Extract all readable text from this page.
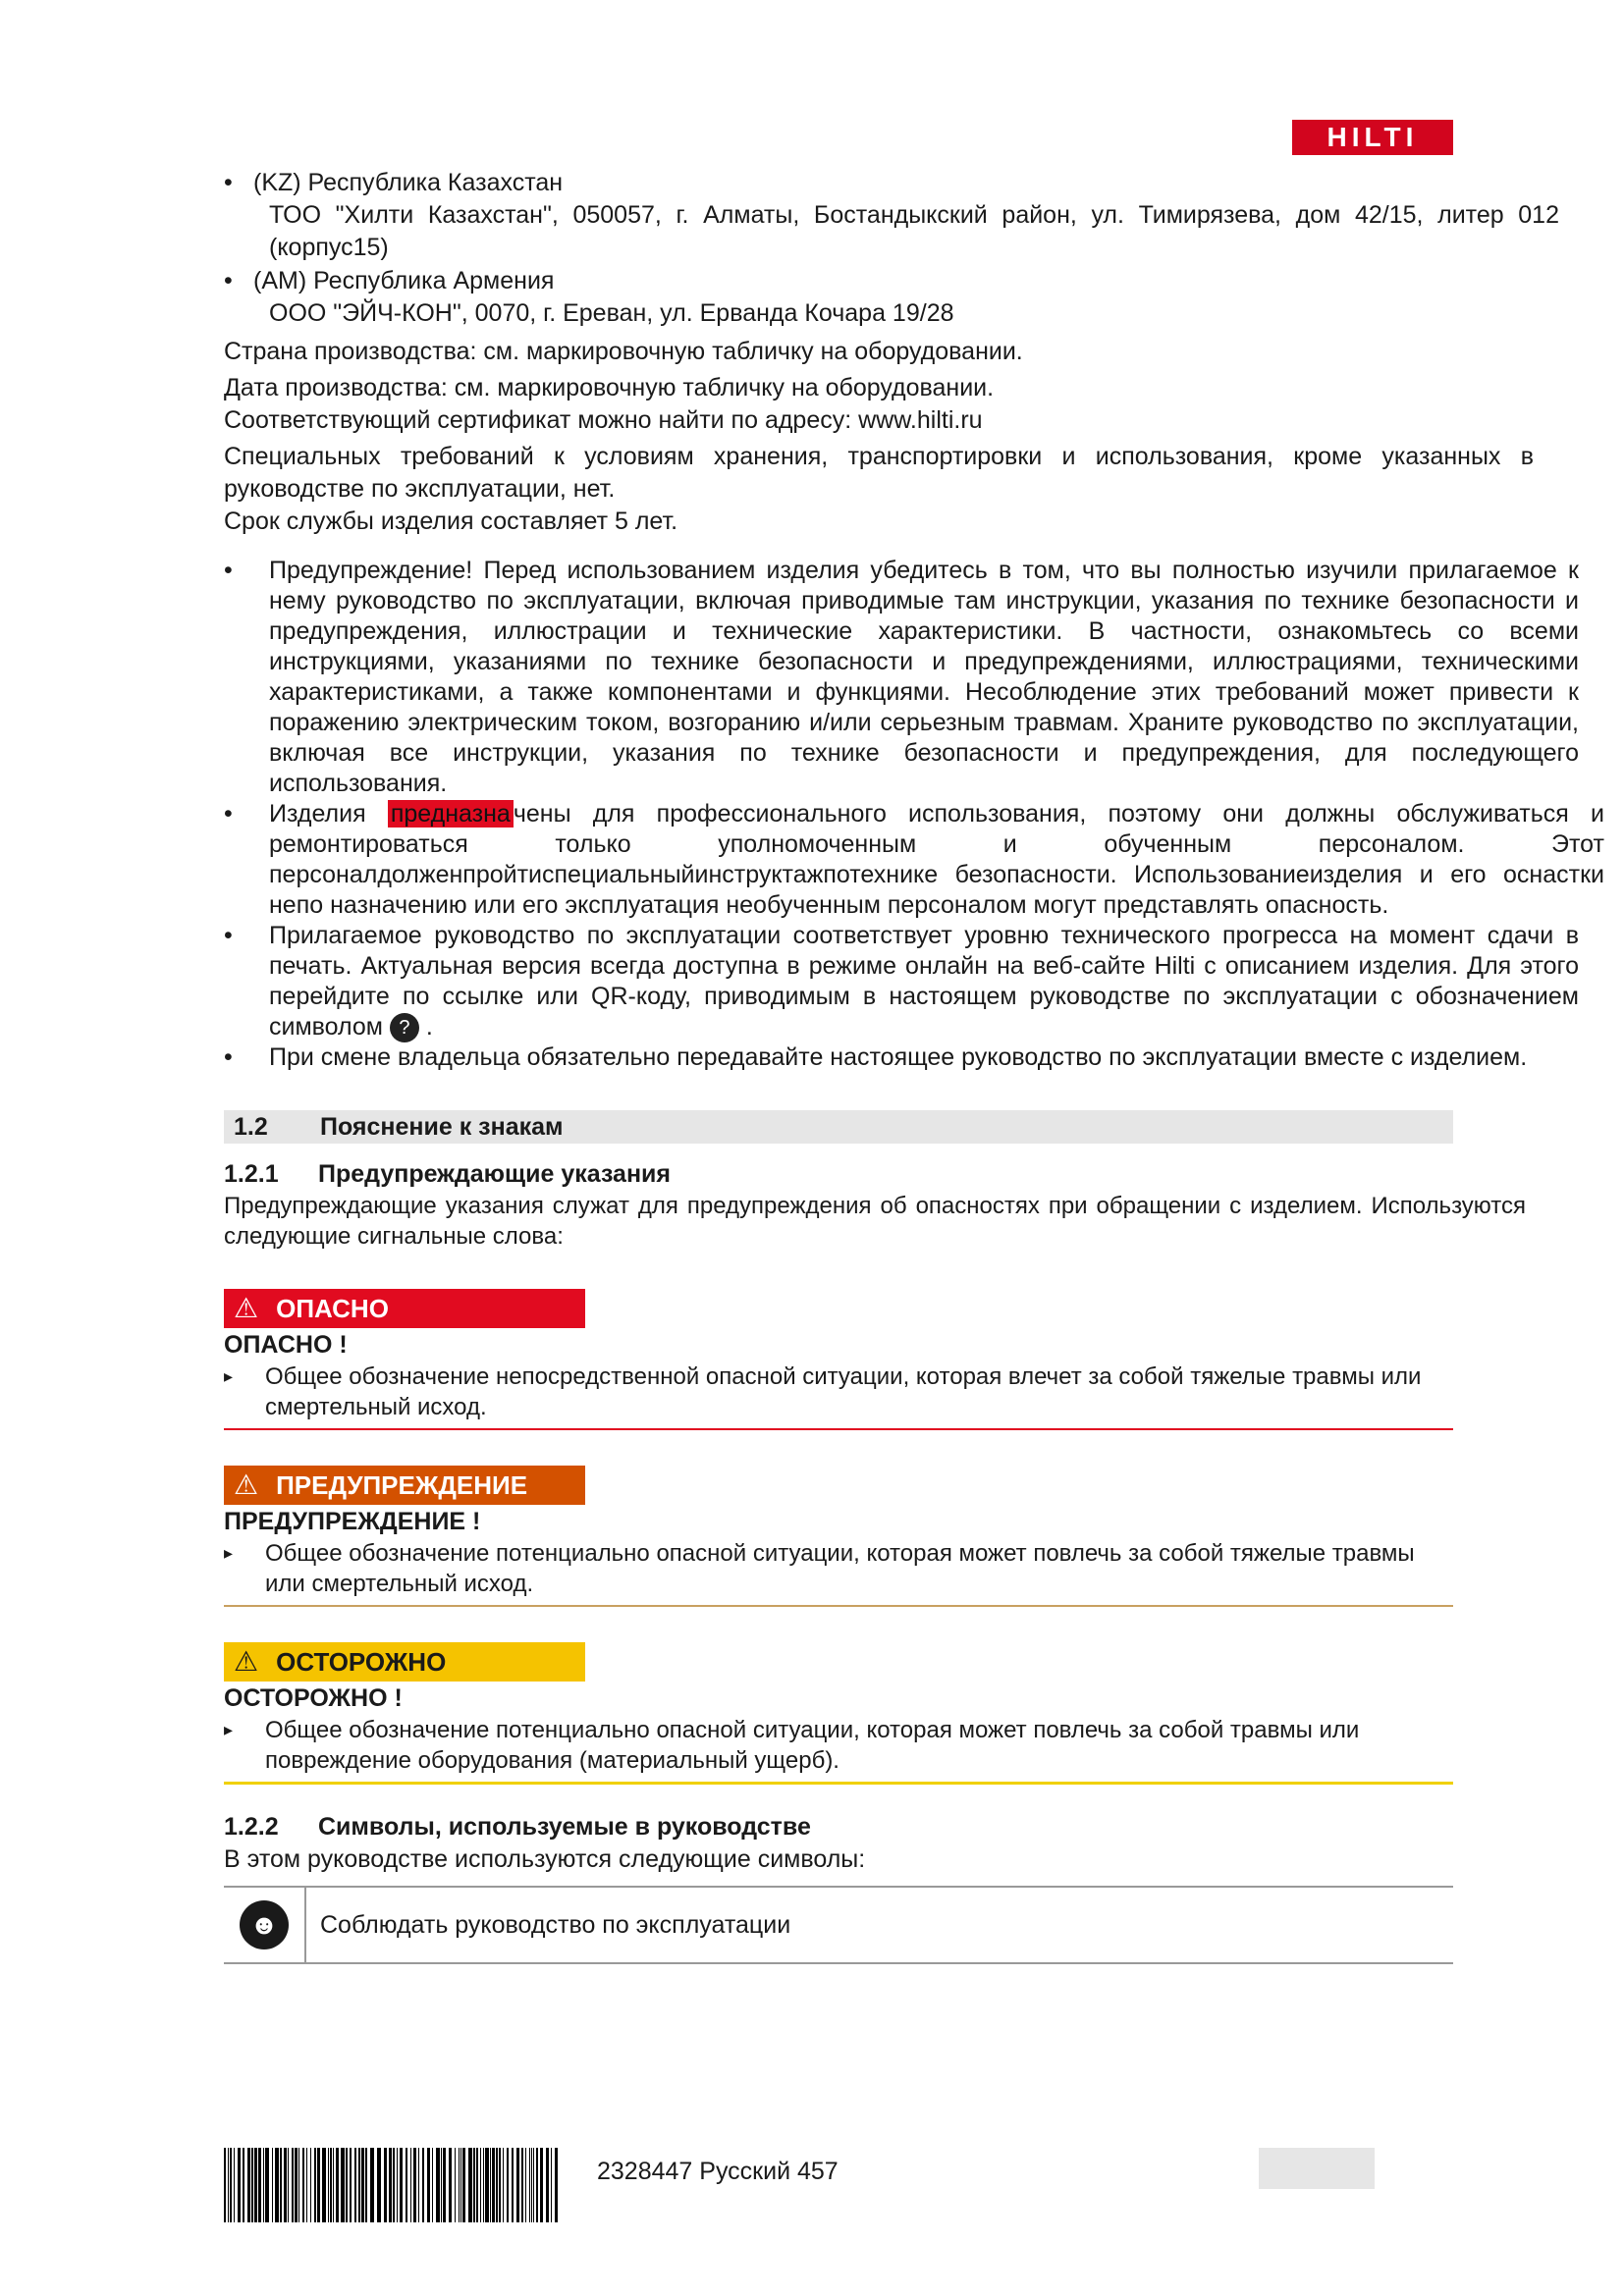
HILTI
• (KZ) Республика Казахстан
ТОО "Хилти Казахстан", 050057, г. Алматы, Бостандыкский район, ул. Тимирязева, дом 42/15, литер 012 (корпус15)
• (AM) Республика Армения
ООО "ЭЙЧ-КОН", 0070, г. Ереван, ул. Ерванда Кочара 19/28
Страна производства: см. маркировочную табличку на оборудовании.
Дата производства: см. маркировочную табличку на оборудовании.
Соответствующий сертификат можно найти по адресу: www.hilti.ru
Специальных требований к условиям хранения, транспортировки и использования, кроме указанных в руководстве по эксплуатации, нет.
Срок службы изделия составляет 5 лет.
• Предупреждение! Перед использованием изделия убедитесь в том, что вы полностью изучили прилагаемое к нему руководство по эксплуатации, включая приводимые там инструкции, указания по технике безопасности и предупреждения, иллюстрации и технические характеристики. В частности, ознакомьтесь со всеми инструкциями, указаниями по технике безопасности и предупреждениями, иллюстрациями, техническими характеристиками, а также компонентами и функциями. Несоблюдение этих требований может привести к поражению электрическим током, возгоранию и/или серьезным травмам. Храните руководство по эксплуатации, включая все инструкции, указания по технике безопасности и предупреждения, для последующего использования.
• Изделия предназна чены для профессионального использования, поэтому они должны обслуживаться и ремонтироваться только уполномоченным и обученным персоналом. Этот персоналдолженпройтиспециальныйинструктажпотехнике безопасности. Использованиеизделия и его оснастки непо назначению или его эксплуатация необученным персоналом могут представлять опасность.
• Прилагаемое руководство по эксплуатации соответствует уровню технического прогресса на момент сдачи в печать. Актуальная версия всегда доступна в режиме онлайн на веб-сайте Hilti с описанием изделия. Для этого перейдите по ссылке или QR-коду, приводимым в настоящем руководстве по эксплуатации с обозначением символом ? .
• При смене владельца обязательно передавайте настоящее руководство по эксплуатации вместе с изделием.
1.2 Пояснение к знакам
1.2.1 Предупреждающие указания
Предупреждающие указания служат для предупреждения об опасностях при обращении с изделием. Используются следующие сигнальные слова:
⚠ ОПАСНО
ОПАСНО !
▸ Общее обозначение непосредственной опасной ситуации, которая влечет за собой тяжелые травмы или смертельный исход.
⚠ ПРЕДУПРЕЖДЕНИЕ
ПРЕДУПРЕЖДЕНИЕ !
▸ Общее обозначение потенциально опасной ситуации, которая может повлечь за собой тяжелые травмы или смертельный исход.
⚠ ОСТОРОЖНО
ОСТОРОЖНО !
▸ Общее обозначение потенциально опасной ситуации, которая может повлечь за собой травмы или повреждение оборудования (материальный ущерб).
1.2.2 Символы, используемые в руководстве
В этом руководстве используются следующие символы:
☻	Соблюдать руководство по эксплуатации
2328447 Русский 457
